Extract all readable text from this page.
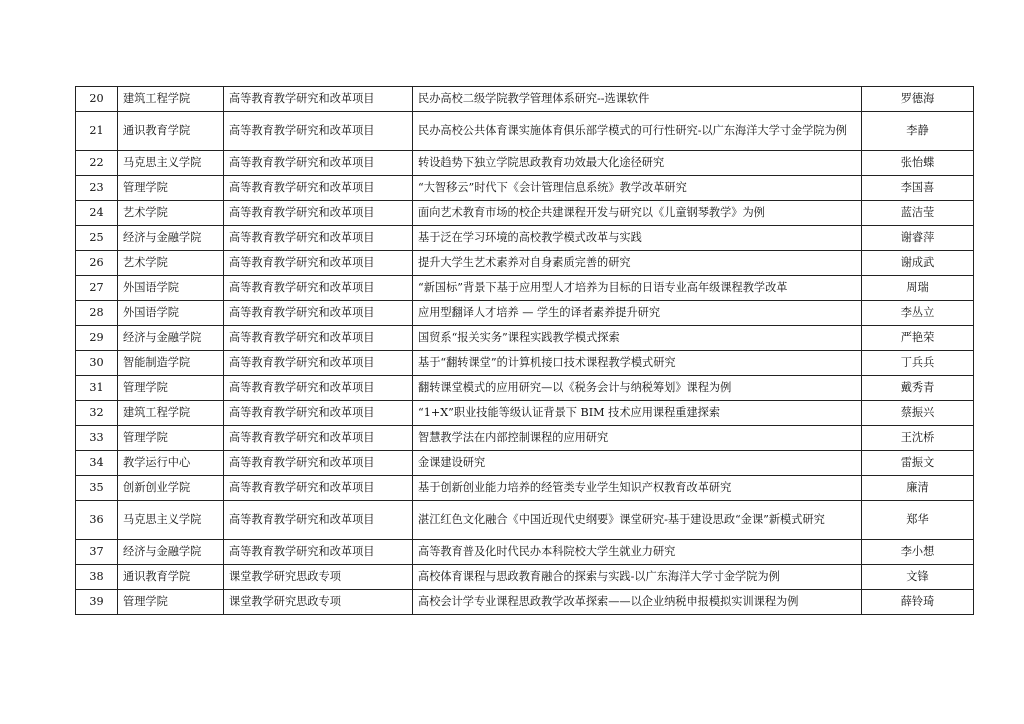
20	建筑工程学院	高等教育教学研究和改革项目	民办高校二级学院教学管理体系研究--选课软件	罗德海
21	通识教育学院	高等教育教学研究和改革项目	民办高校公共体育课实施体育俱乐部学模式的可行性研究-以广东海洋大学寸金学院为例	李静
22	马克思主义学院	高等教育教学研究和改革项目	转设趋势下独立学院思政教育功效最大化途径研究	张怡蝶
23	管理学院	高等教育教学研究和改革项目	“大智移云”时代下《会计管理信息系统》教学改革研究	李国喜
24	艺术学院	高等教育教学研究和改革项目	面向艺术教育市场的校企共建课程开发与研究以《儿童钢琴教学》为例	蓝洁莹
25	经济与金融学院	高等教育教学研究和改革项目	基于泛在学习环境的高校教学模式改革与实践	谢睿萍
26	艺术学院	高等教育教学研究和改革项目	提升大学生艺术素养对自身素质完善的研究	谢成武
27	外国语学院	高等教育教学研究和改革项目	“新国标”背景下基于应用型人才培养为目标的日语专业高年级课程教学改革	周瑞
28	外国语学院	高等教育教学研究和改革项目	应用型翻译人才培养 — 学生的译者素养提升研究	李丛立
29	经济与金融学院	高等教育教学研究和改革项目	国贸系“报关实务”课程实践教学模式探索	严艳荣
30	智能制造学院	高等教育教学研究和改革项目	基于“翻转课堂”的计算机接口技术课程教学模式研究	丁兵兵
31	管理学院	高等教育教学研究和改革项目	翻转课堂模式的应用研究—以《税务会计与纳税筹划》课程为例	戴秀青
32	建筑工程学院	高等教育教学研究和改革项目	“1+X”职业技能等级认证背景下 BIM 技术应用课程重建探索	蔡振兴
33	管理学院	高等教育教学研究和改革项目	智慧教学法在内部控制课程的应用研究	王沈桥
34	教学运行中心	高等教育教学研究和改革项目	金课建设研究	雷振文
35	创新创业学院	高等教育教学研究和改革项目	基于创新创业能力培养的经管类专业学生知识产权教育改革研究	廉清
36	马克思主义学院	高等教育教学研究和改革项目	湛江红色文化融合《中国近现代史纲要》课堂研究-基于建设思政“金课”新模式研究	郑华
37	经济与金融学院	高等教育教学研究和改革项目	高等教育普及化时代民办本科院校大学生就业力研究	李小想
38	通识教育学院	课堂教学研究思政专项	高校体育课程与思政教育融合的探索与实践-以广东海洋大学寸金学院为例	文锋
39	管理学院	课堂教学研究思政专项	高校会计学专业课程思政教学改革探索——以企业纳税申报模拟实训课程为例	薛铃琦
